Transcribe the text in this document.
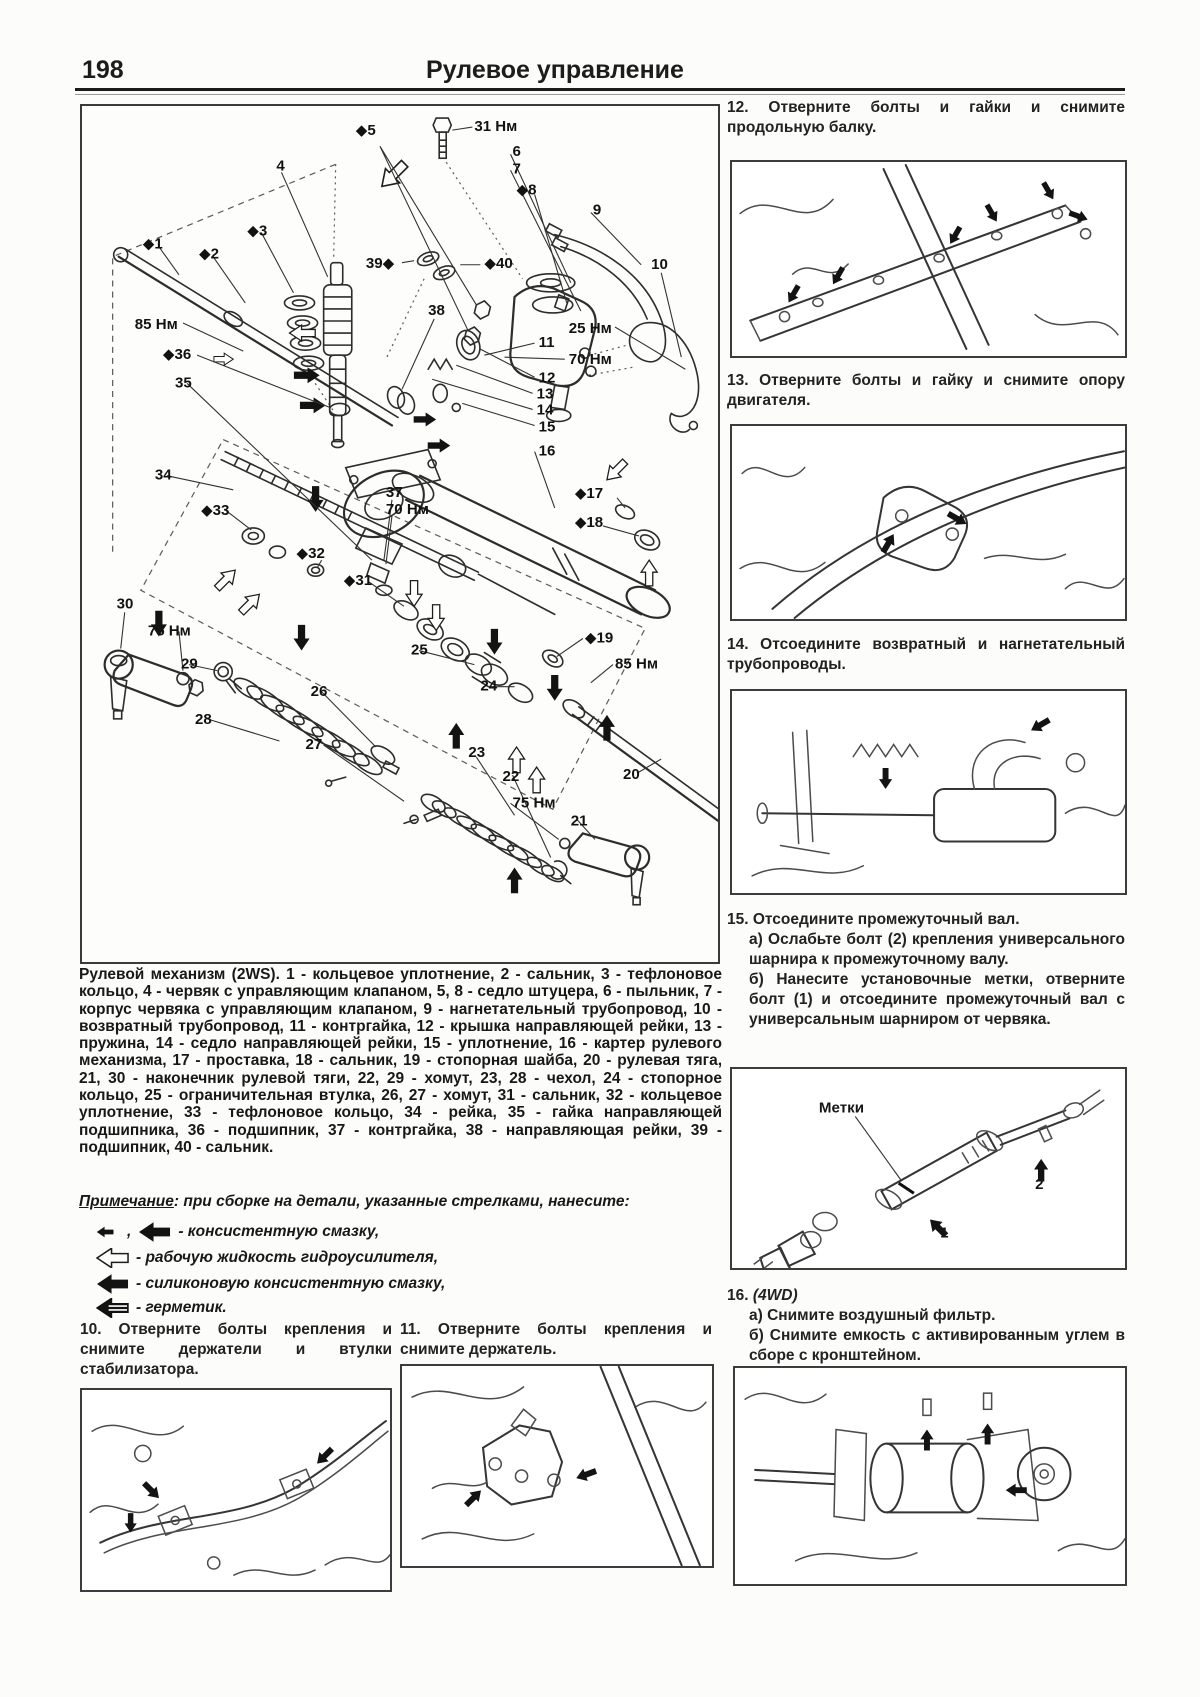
198	Рулевое управление
◆1
◆2
◆3
4
◆5	31 Нм
6
7
◆8
9
10
25 Нм
39◆	◆40
85 Нм
◆36
35
38
11
70 Нм
12
13
14
15
16
◆17
◆18
37
70 Нм
34
◆33
◆32
◆31
30
75 Нм
29
28
26
27	23
22
25
24
◆19
85 Нм
20
75 Нм
21
Рулевой механизм (2WS). 1 - кольцевое уплотнение, 2 - сальник, 3 - тефлоновое кольцо, 4 - червяк с управляющим клапаном, 5, 8 - седло штуцера, 6 - пыльник, 7 - корпус червяка с управляющим клапаном, 9 - нагнетательный трубопровод, 10 - возвратный трубопровод, 11 - контргайка, 12 - крышка направляющей рейки, 13 - пружина, 14 - седло направляющей рейки, 15 - уплотнение, 16 - картер рулевого механизма, 17 - проставка, 18 - сальник, 19 - стопорная шайба, 20 - рулевая тяга, 21, 30 - наконечник рулевой тяги, 22, 29 - хомут, 23, 28 - чехол, 24 - стопорное кольцо, 25 - ограничительная втулка, 26, 27 - хомут, 31 - сальник, 32 - кольцевое уплотнение, 33 - тефлоновое кольцо, 34 - рейка, 35 - гайка направляющей подшипника, 36 - подшипник, 37 - контргайка, 38 - направляющая рейки, 39 - подшипник, 40 - сальник.
Примечание: при сборке на детали, указанные стрелками, нанесите:
,	- консистентную смазку,
- рабочую жидкость гидроусилителя,
- силиконовую консистентную смазку,
- герметик.
10. Отверните болты крепления и снимите держатели и втулки стабилизатора.
11. Отверните болты крепления и снимите держатель.
12. Отверните болты и гайки и снимите продольную балку.
13. Отверните болты и гайку и снимите опору двигателя.
14. Отсоедините возвратный и нагнетательный трубопроводы.
15. Отсоедините промежуточный вал.
а) Ослабьте болт (2) крепления универсального шарнира к промежуточному валу.
б) Нанесите установочные метки, отверните болт (1) и отсоедините промежуточный вал с универсальным шарниром от червяка.
Метки
1
2
16. (4WD)
а) Снимите воздушный фильтр.
б) Снимите емкость с активированным углем в сборе с кронштейном.
